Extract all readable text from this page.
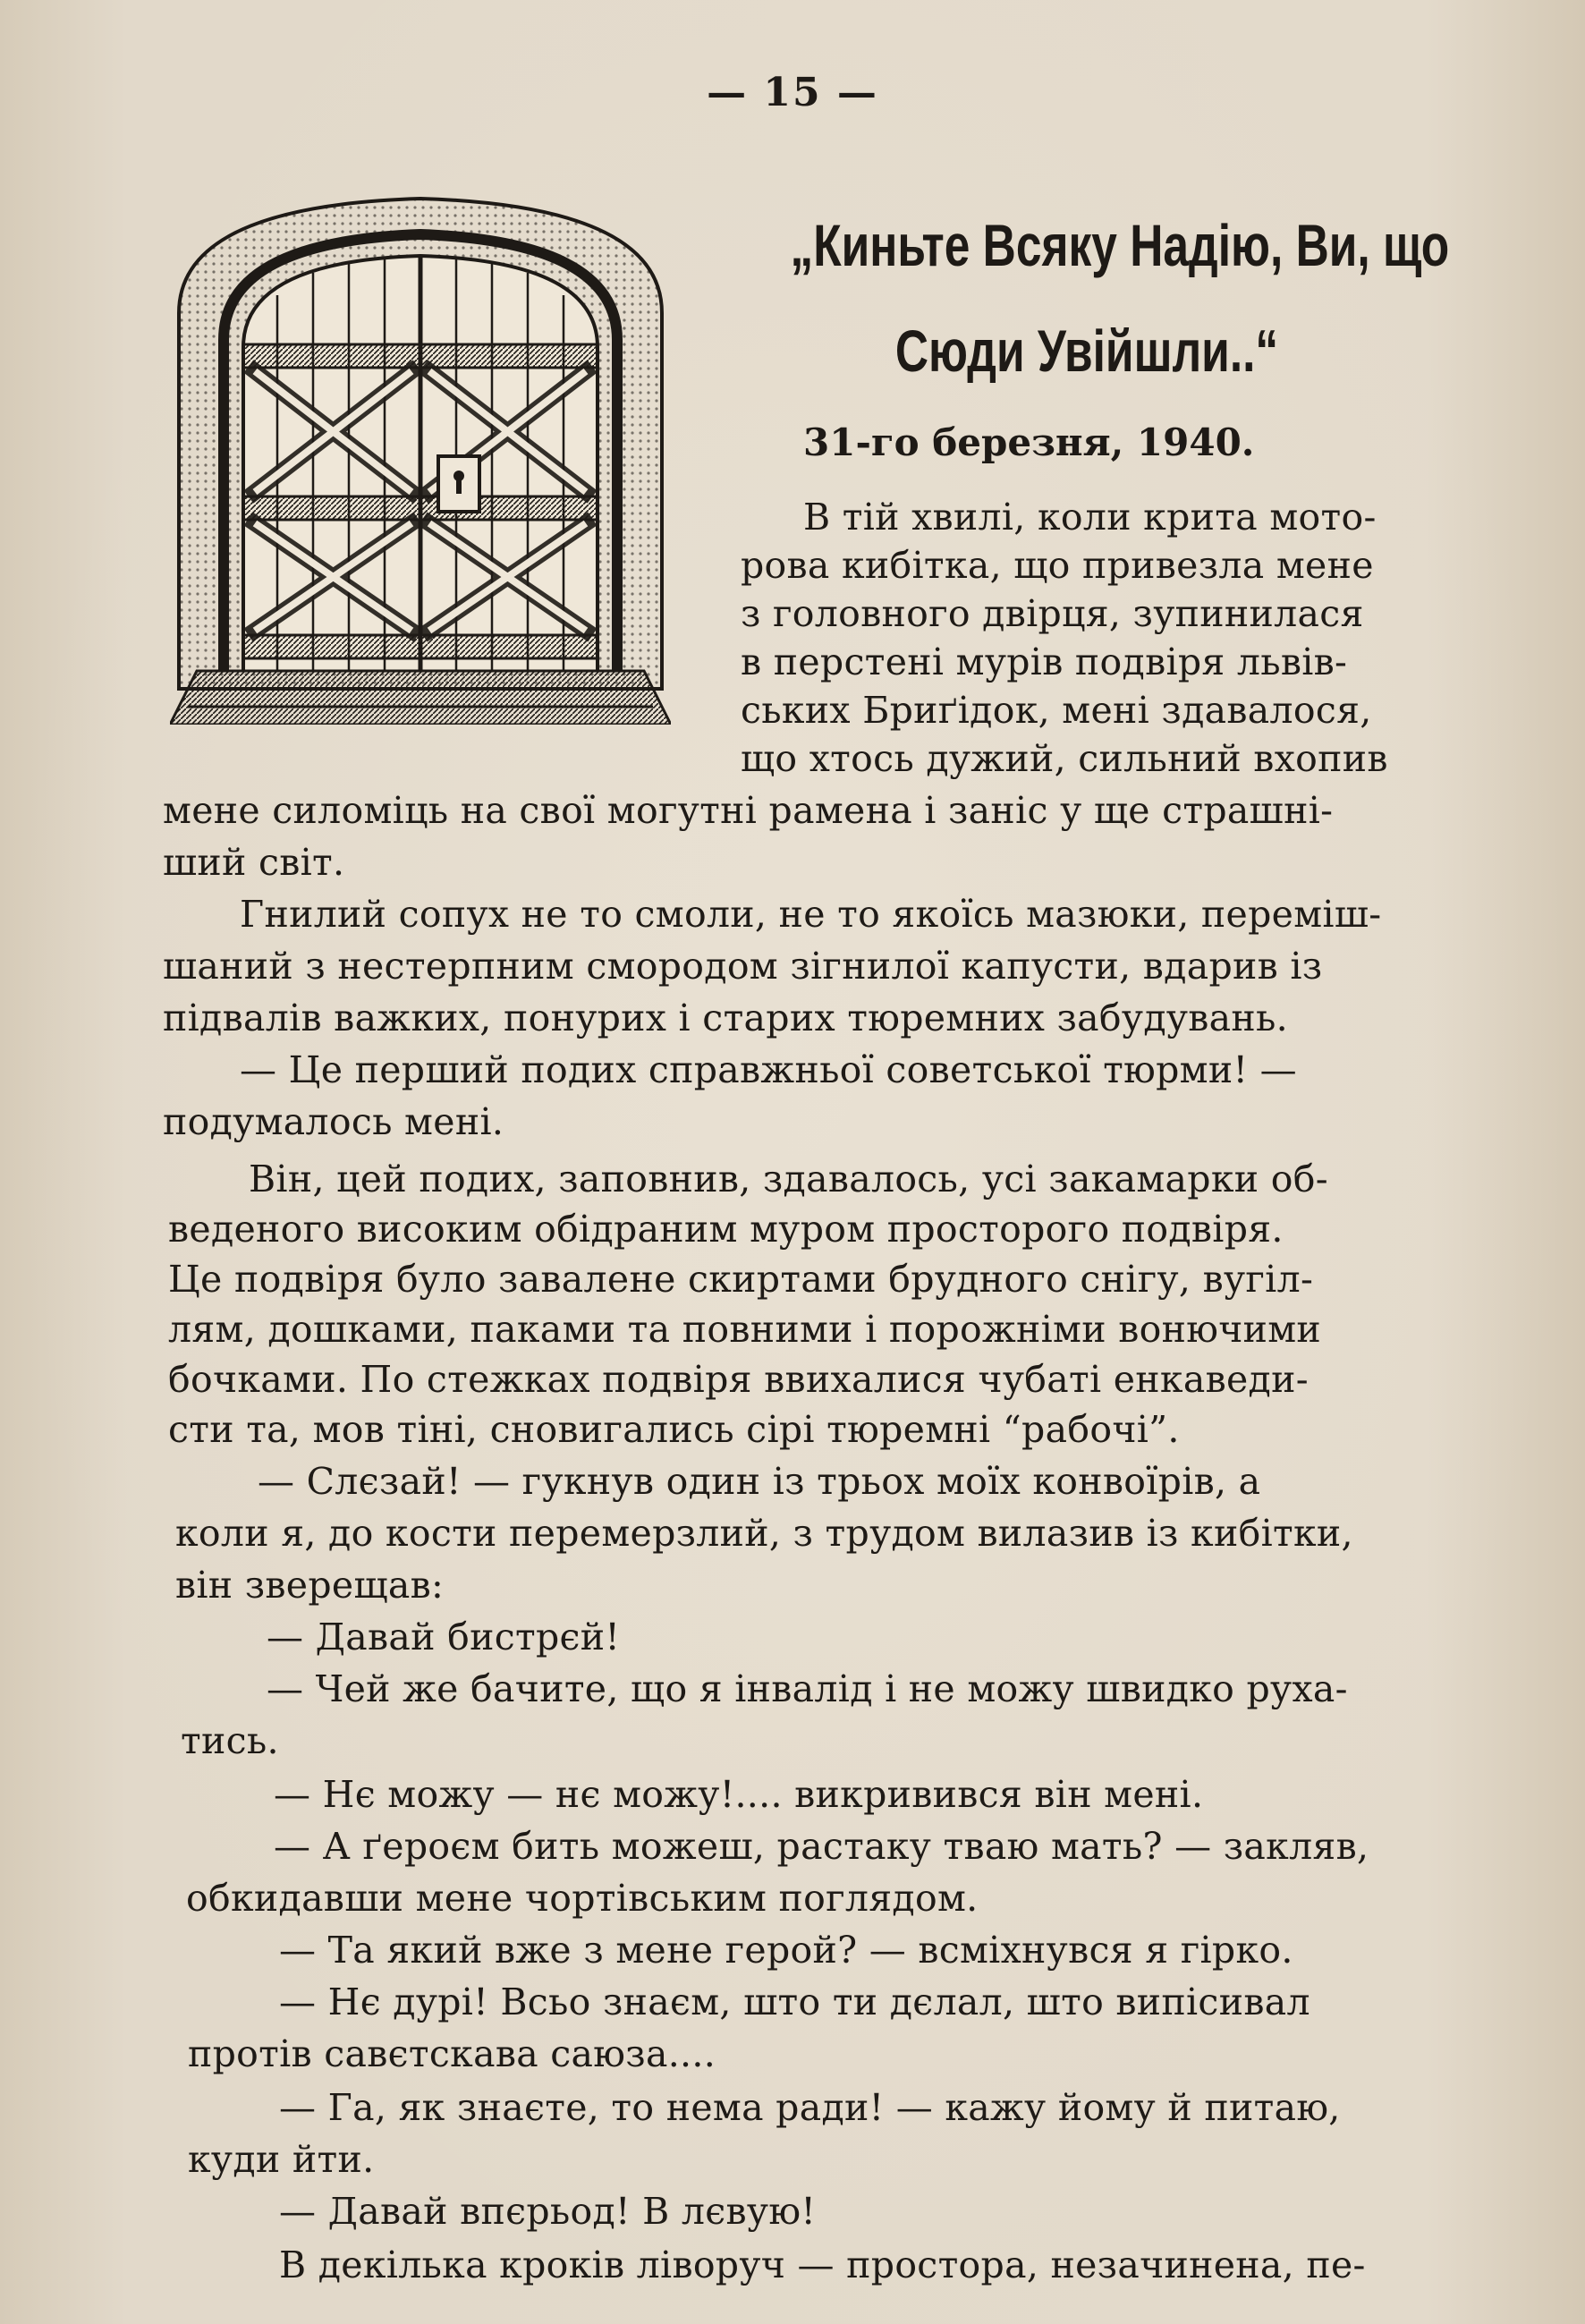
— 15 —
„Киньте Всяку Надію, Ви, що
Сюди Увійшли..“
31-го березня, 1940.
В тій хвилі, коли крита мото-
рова кибітка, що привезла мене
з головного двірця, зупинилася
в перстені мурів подвіря львів-
ських Бриґідок, мені здавалося,
що хтось дужий, сильний вхопив
мене силоміць на свої могутні рамена і заніс у ще страшні-
ший світ.
Гнилий сопух не то смоли, не то якоїсь мазюки, переміш-
шаний з нестерпним смородом зігнилої капусти, вдарив із
підвалів важких, понурих і старих тюремних забудувань.
— Це перший подих справжньої советської тюрми! —
подумалось мені.
Він, цей подих, заповнив, здавалось, усі закамарки об-
веденого високим обідраним муром просторого подвіря.
Це подвіря було завалене скиртами брудного снігу, вугіл-
лям, дошками, паками та повними і порожніми вонючими
бочками. По стежках подвіря ввихалися чубаті енкаведи-
сти та, мов тіні, сновигались сірі тюремні “рабочі”.
— Слєзай! — гукнув один із трьох моїх конвоїрів, а
коли я, до кости перемерзлий, з трудом вилазив із кибітки,
він зверещав:
— Давай бистрєй!
— Чей же бачите, що я інвалід і не можу швидко руха-
тись.
— Нє можу — нє можу!.... викривився він мені.
— А ґероєм бить можеш, растаку тваю мать? — закляв,
обкидавши мене чортівським поглядом.
— Та який вже з мене герой? — всміхнувся я гірко.
— Нє дурі! Всьо знаєм, што ти дєлал, што випісивал
протів савєтскава саюза....
— Га, як знаєте, то нема ради! — кажу йому й питаю,
куди йти.
— Давай впєрьод! В лєвую!
В декілька кроків ліворуч — простора, незачинена, пе-
